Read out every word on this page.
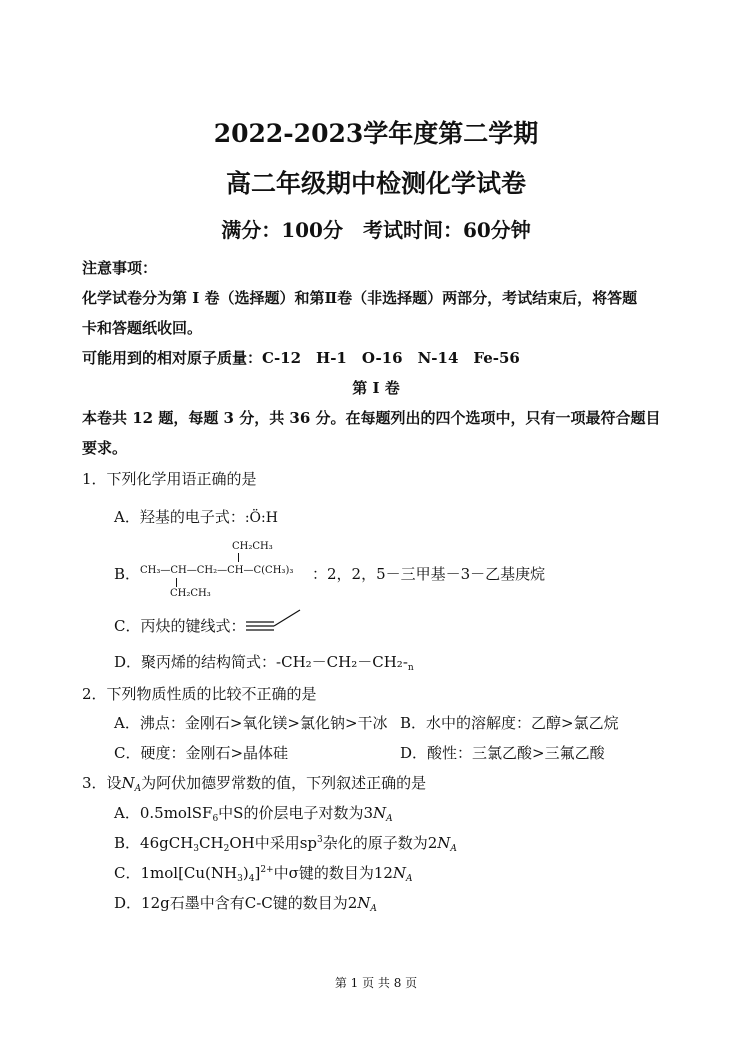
2022-2023学年度第二学期
高二年级期中检测化学试卷
满分：100分　考试时间：60分钟
注意事项：
化学试卷分为第 I 卷（选择题）和第Ⅱ卷（非选择题）两部分，考试结束后，将答题
卡和答题纸收回。
可能用到的相对原子质量：C-12　H-1　O-16　N-14　Fe-56
第 I 卷
本卷共 12 题，每题 3 分，共 36 分。在每题列出的四个选项中，只有一项最符合题目
要求。
1．下列化学用语正确的是
A．羟基的电子式：:Ö:H
B．
CH₂CH₃
CH₃—CH—CH₂—CH—C(CH₃)₃
CH₂CH₃
：2，2，5－三甲基－3－乙基庚烷
C．丙炔的键线式：
D．聚丙烯的结构简式：$-CH_2-CH_2-CH_2-_n$
2．下列物质性质的比较不正确的是
A．沸点：金刚石>氧化镁>氯化钠>干冰 B．水中的溶解度：乙醇>氯乙烷
C．硬度：金刚石>晶体硅	D．酸性：三氯乙酸>三氟乙酸
3．设$N_A$为阿伏加德罗常数的值，下列叙述正确的是
A．0.5molSF$_6$中S的价层电子对数为$3N_A$
B．$46gCH_3CH_2OH$中采用$sp^3$杂化的原子数为$2N_A$
C．$1mol[Cu(NH_3)_4]^{2+}$中σ键的数目为$12N_A$
D．12g石墨中含有C-C键的数目为$2N_A$
第 1 页 共 8 页
